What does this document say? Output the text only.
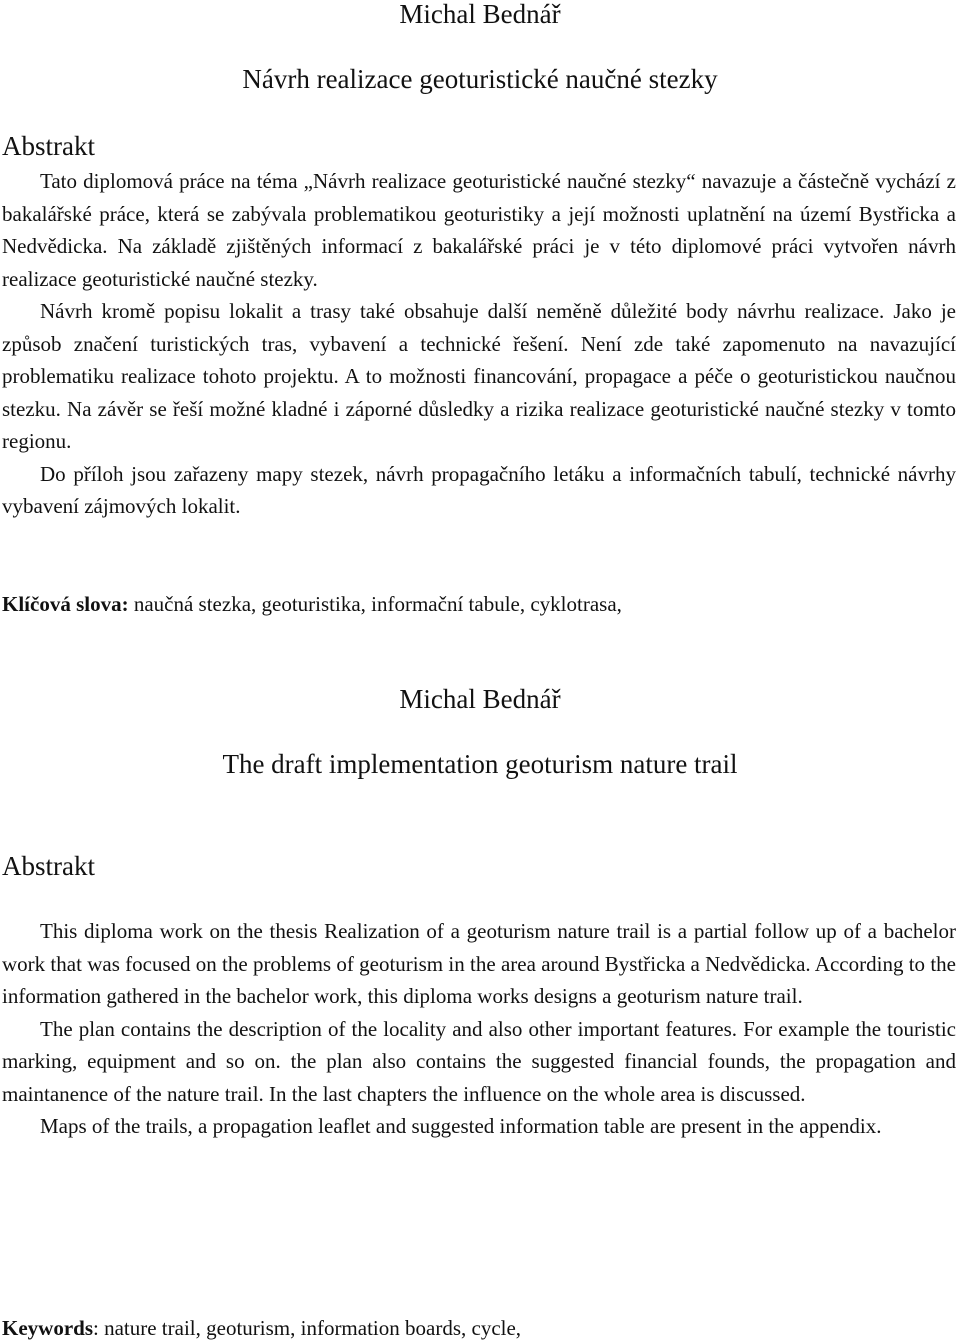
Michal Bednář
Návrh realizace geoturistické naučné stezky
Abstrakt

Tato diplomová práce na téma „Návrh realizace geoturistické naučné stezky“ navazuje a částečně vychází z bakalářské práce, která se zabývala problematikou geoturistiky a její možnosti uplatnění na území Bystřicka a Nedvědicka. Na základě zjištěných informací z bakalářské práci je v této diplomové práci vytvořen návrh realizace geoturistické naučné stezky.

Návrh kromě popisu lokalit a trasy také obsahuje další neměně důležité body návrhu realizace. Jako je způsob značení turistických tras, vybavení a technické řešení. Není zde také zapomenuto na navazující problematiku realizace tohoto projektu. A to možnosti financování, propagace a péče o geoturistickou naučnou stezku. Na závěr se řeší možné kladné i záporné důsledky a rizika realizace geoturistické naučné stezky v tomto regionu.

Do příloh jsou zařazeny mapy stezek, návrh propagačního letáku a informačních tabulí, technické návrhy vybavení zájmových lokalit.

Klíčová slova: naučná stezka, geoturistika, informační tabule, cyklotrasa,
Michal Bednář
The draft implementation geoturism nature trail
Abstrakt

This diploma work on the thesis Realization of a geoturism nature trail is a partial follow up of a bachelor work that was focused on the problems of geoturism in the area around Bystřicka a Nedvědicka. According to the information gathered in the bachelor work, this diploma works designs a geoturism nature trail.

The plan contains the description of the locality and also other important features. For example the touristic marking, equipment and so on. the plan also contains the suggested financial founds, the propagation and maintanence of the nature trail. In the last chapters the influence on the whole area is discussed.

Maps of the trails, a propagation leaflet and suggested information table are present in the appendix.

Keywords: nature trail, geoturism, information boards, cycle,
